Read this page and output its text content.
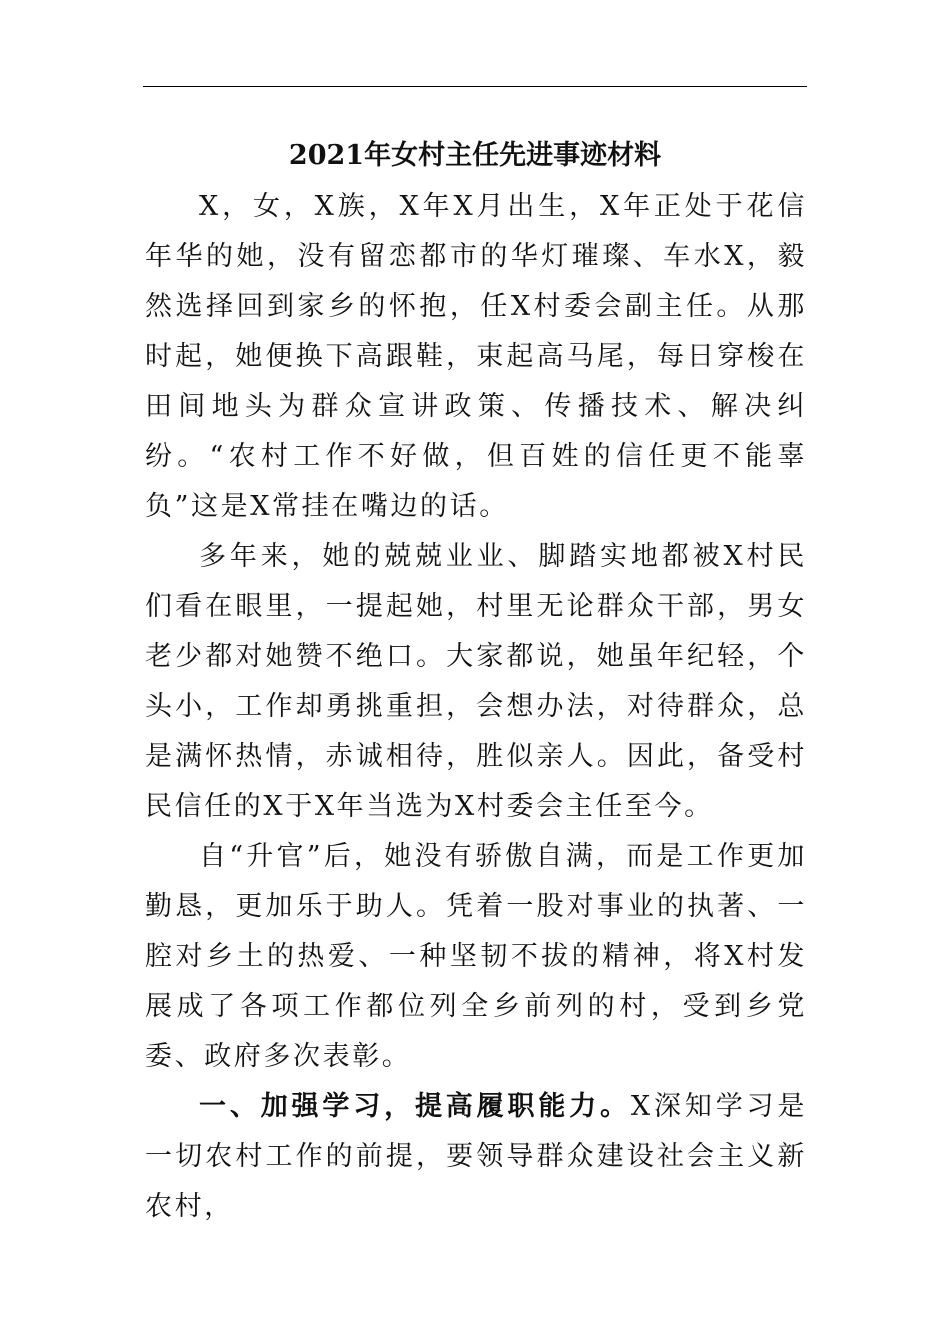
2021年女村主任先进事迹材料

X，女，X族，X年X月出生，X年正处于花信年华的她，没有留恋都市的华灯璀璨、车水X，毅然选择回到家乡的怀抱，任X村委会副主任。从那时起，她便换下高跟鞋，束起高马尾，每日穿梭在田间地头为群众宣讲政策、传播技术、解决纠纷。“农村工作不好做，但百姓的信任更不能辜负”这是X常挂在嘴边的话。

多年来，她的兢兢业业、脚踏实地都被X村民们看在眼里，一提起她，村里无论群众干部，男女老少都对她赞不绝口。大家都说，她虽年纪轻，个头小，工作却勇挑重担，会想办法，对待群众，总是满怀热情，赤诚相待，胜似亲人。因此，备受村民信任的X于X年当选为X村委会主任至今。

自“升官”后，她没有骄傲自满，而是工作更加勤恳，更加乐于助人。凭着一股对事业的执著、一腔对乡土的热爱、一种坚韧不拔的精神，将X村发展成了各项工作都位列全乡前列的村，受到乡党委、政府多次表彰。

一、加强学习，提高履职能力。X深知学习是一切农村工作的前提，要领导群众建设社会主义新农村，
